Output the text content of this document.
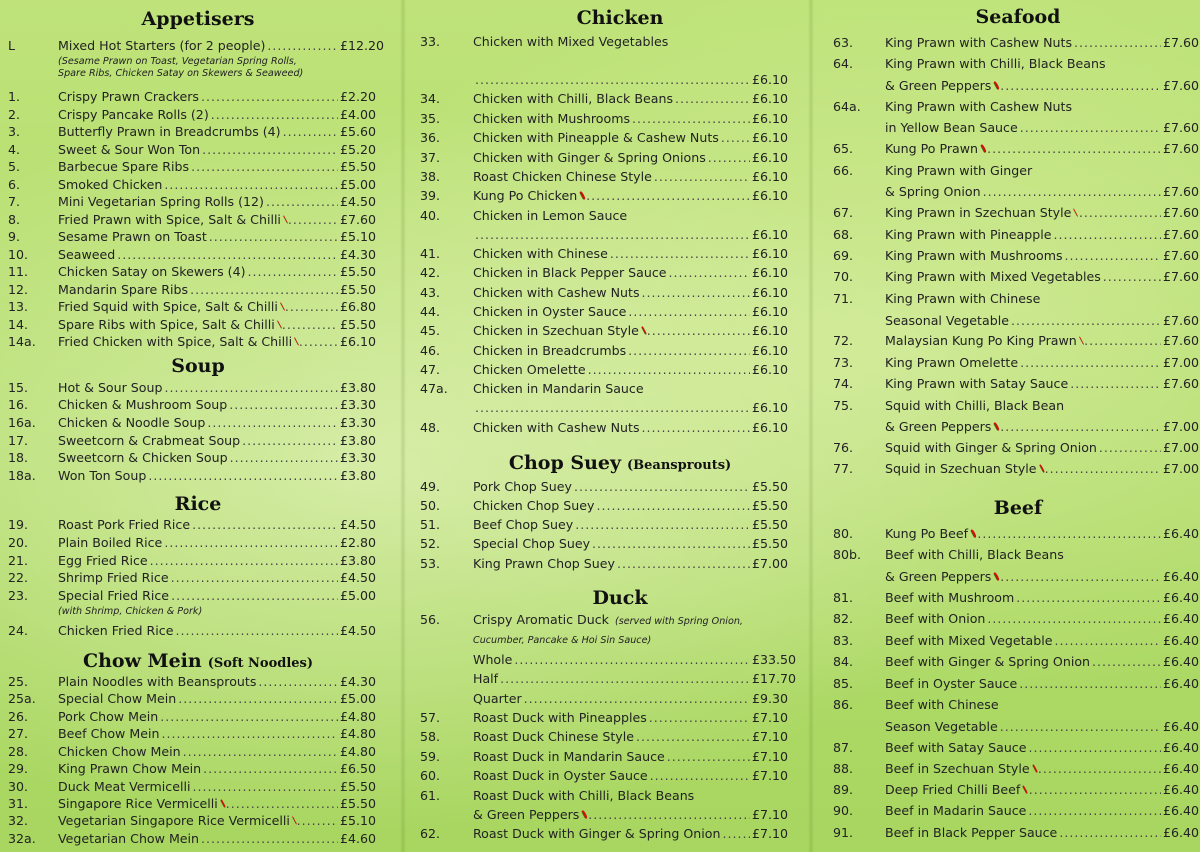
Appetisers
L	Mixed Hot Starters (for 2 people) .....	£12.20
(Sesame Prawn on Toast, Vegetarian Spring Rolls,
Spare Ribs, Chicken Satay on Skewers & Seaweed)
1.	Crispy Prawn Crackers .....	£2.20
2.	Crispy Pancake Rolls (2) .....	£4.00
3.	Butterfly Prawn in Breadcrumbs (4) .....	£5.60
4.	Sweet & Sour Won Ton .....	£5.20
5.	Barbecue Spare Ribs .....	£5.50
6.	Smoked Chicken .....	£5.00
7.	Mini Vegetarian Spring Rolls (12) .....	£4.50
8.	Fried Prawn with Spice, Salt & Chilli .....	£7.60
9.	Sesame Prawn on Toast .....	£5.10
10. Seaweed .....	£4.30
11. Chicken Satay on Skewers (4) .....	£5.50
12. Mandarin Spare Ribs .....	£5.50
13. Fried Squid with Spice, Salt & Chilli .....	£6.80
14. Spare Ribs with Spice, Salt & Chilli .....	£5.50
14a. Fried Chicken with Spice, Salt & Chilli .....	£6.10
Soup
15. Hot & Sour Soup .....	£3.80
16. Chicken & Mushroom Soup .....	£3.30
16a. Chicken & Noodle Soup .....	£3.30
17. Sweetcorn & Crabmeat Soup .....	£3.80
18. Sweetcorn & Chicken Soup .....	£3.30
18a. Won Ton Soup .....	£3.80
Rice
19. Roast Pork Fried Rice .....	£4.50
20. Plain Boiled Rice .....	£2.80
21. Egg Fried Rice .....	£3.80
22. Shrimp Fried Rice .....	£4.50
23. Special Fried Rice .....	£5.00
(with Shrimp, Chicken & Pork)
24. Chicken Fried Rice .....	£4.50
Chow Mein (Soft Noodles)
25. Plain Noodles with Beansprouts .....	£4.30
25a. Special Chow Mein .....	£5.00
26. Pork Chow Mein .....	£4.80
27. Beef Chow Mein .....	£4.80
28. Chicken Chow Mein .....	£4.80
29. King Prawn Chow Mein .....	£6.50
30. Duck Meat Vermicelli .....	£5.50
31. Singapore Rice Vermicelli .....	£5.50
32. Vegetarian Singapore Rice Vermicelli .....	£5.10
32a. Vegetarian Chow Mein .....	£4.60
Chicken
33.	Chicken with Mixed Vegetables
.....
£6.10
34.	Chicken with Chilli, Black Beans .....	£6.10
35.	Chicken with Mushrooms .....	£6.10
36.	Chicken with Pineapple & Cashew Nuts .....	£6.10
37.	Chicken with Ginger & Spring Onions .....	£6.10
38.	Roast Chicken Chinese Style .....	£6.10
39.	Kung Po Chicken .....	£6.10
40.	Chicken in Lemon Sauce
.....
£6.10
41.	Chicken with Chinese .....	£6.10
42.	Chicken in Black Pepper Sauce .....	£6.10
43.	Chicken with Cashew Nuts .....	£6.10
44.	Chicken in Oyster Sauce .....	£6.10
45.	Chicken in Szechuan Style .....	£6.10
46.	Chicken in Breadcrumbs .....	£6.10
47.	Chicken Omelette .....	£6.10
47a. Chicken in Mandarin Sauce
.....
£6.10
48.	Chicken with Cashew Nuts .....	£6.10
Chop Suey (Beansprouts)
49.	Pork Chop Suey .....	£5.50
50.	Chicken Chop Suey .....	£5.50
51.	Beef Chop Suey .....	£5.50
52.	Special Chop Suey .....	£5.50
53.	King Prawn Chop Suey .....	£7.00
Duck
56.	Crispy Aromatic Duck (served with Spring Onion,
Cucumber, Pancake & Hoi Sin Sauce)
Whole .....	£33.50
Half .....	£17.70
Quarter .....	£9.30
57.	Roast Duck with Pineapples .....	£7.10
58.	Roast Duck Chinese Style .....	£7.10
59.	Roast Duck in Mandarin Sauce .....	£7.10
60.	Roast Duck in Oyster Sauce .....	£7.10
61.	Roast Duck with Chilli, Black Beans
& Green Peppers .....	£7.10
62.	Roast Duck with Ginger & Spring Onion .....	£7.10
Seafood
63.	King Prawn with Cashew Nuts .....	£7.60
64.	King Prawn with Chilli, Black Beans
& Green Peppers .....	£7.60
64a. King Prawn with Cashew Nuts
in Yellow Bean Sauce .....	£7.60
65.	Kung Po Prawn .....	£7.60
66.	King Prawn with Ginger
& Spring Onion .....	£7.60
67.	King Prawn in Szechuan Style .....	£7.60
68.	King Prawn with Pineapple .....	£7.60
69.	King Prawn with Mushrooms .....	£7.60
70.	King Prawn with Mixed Vegetables .....	£7.60
71.	King Prawn with Chinese
Seasonal Vegetable .....	£7.60
72.	Malaysian Kung Po King Prawn .....	£7.60
73.	King Prawn Omelette .....	£7.00
74.	King Prawn with Satay Sauce .....	£7.60
75.	Squid with Chilli, Black Bean
& Green Peppers .....	£7.00
76.	Squid with Ginger & Spring Onion .....	£7.00
77.	Squid in Szechuan Style .....	£7.00
Beef
80.	Kung Po Beef .....	£6.40
80b. Beef with Chilli, Black Beans
& Green Peppers .....	£6.40
81.	Beef with Mushroom .....	£6.40
82.	Beef with Onion .....	£6.40
83.	Beef with Mixed Vegetable .....	£6.40
84.	Beef with Ginger & Spring Onion .....	£6.40
85.	Beef in Oyster Sauce .....	£6.40
86.	Beef with Chinese
Season Vegetable .....	£6.40
87.	Beef with Satay Sauce .....	£6.40
88.	Beef in Szechuan Style .....	£6.40
89.	Deep Fried Chilli Beef .....	£6.40
90.	Beef in Madarin Sauce .....	£6.40
91.	Beef in Black Pepper Sauce .....	£6.40
